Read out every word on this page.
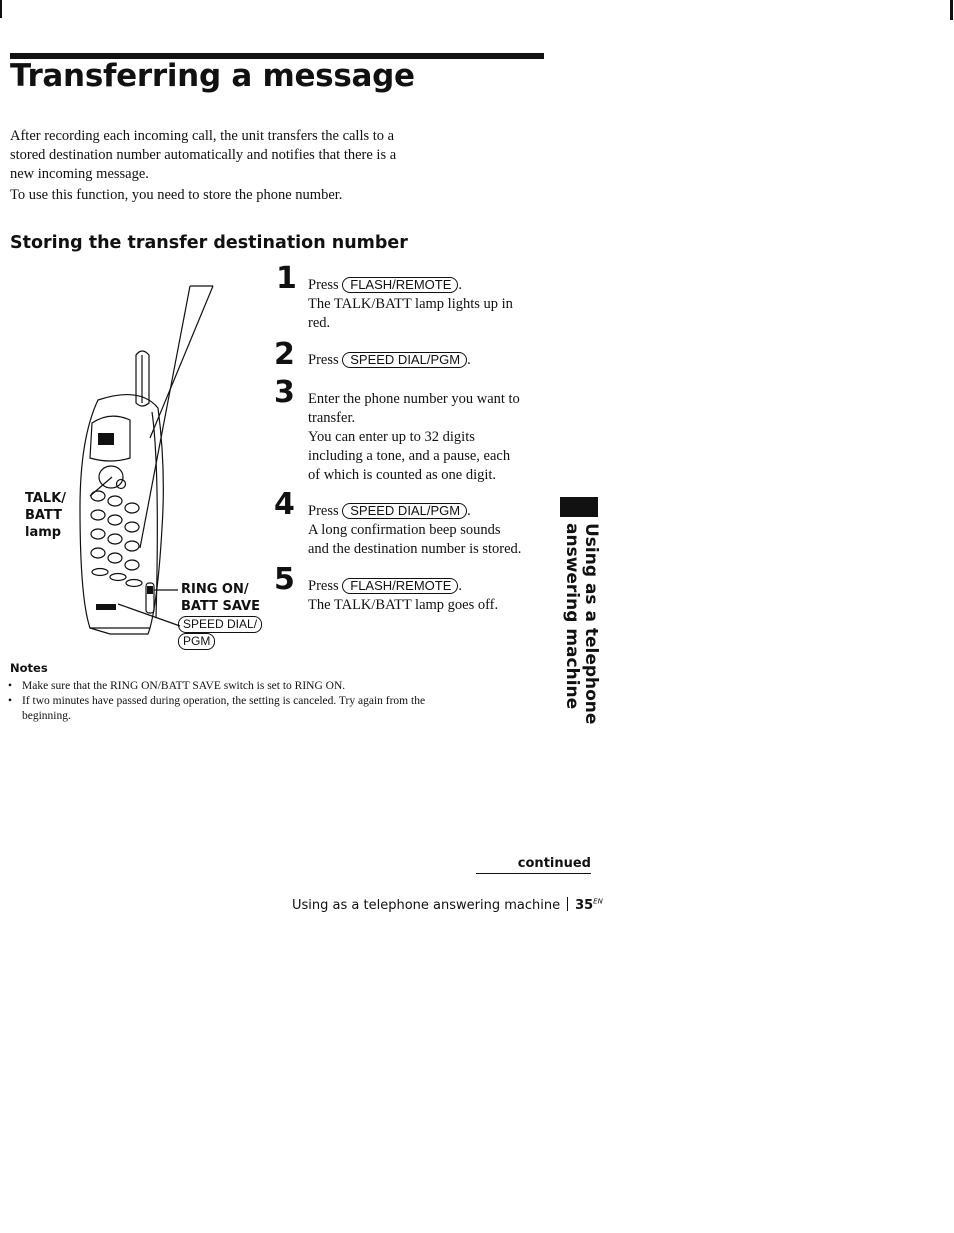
Transferring a message

After recording each incoming call, the unit transfers the calls to a

stored destination number automatically and notifies that there is a

new incoming message.

To use this function, you need to store the phone number.

Storing the transfer destination number
TALK/
BATT
lamp
RING ON/
BATT SAVE
SPEED DIAL/
PGM
1 Press FLASH/REMOTE .

The TALK/BATT lamp lights up in

red.

2 Press SPEED DIAL/PGM .

3 Enter the phone number you want to

transfer.

You can enter up to 32 digits

including a tone, and a pause, each

of which is counted as one digit.

4 Press SPEED DIAL/PGM .

A long confirmation beep sounds

and the destination number is stored.

5 Press FLASH/REMOTE .

The TALK/BATT lamp goes off.

Notes
• Make sure that the RING ON/BATT SAVE switch is set to RING ON.
• If two minutes have passed during operation, the setting is canceled. Try again from the beginning.	Using as a telephone
answering machine
continued
Using as a telephone answering machine $35^{EN}$
